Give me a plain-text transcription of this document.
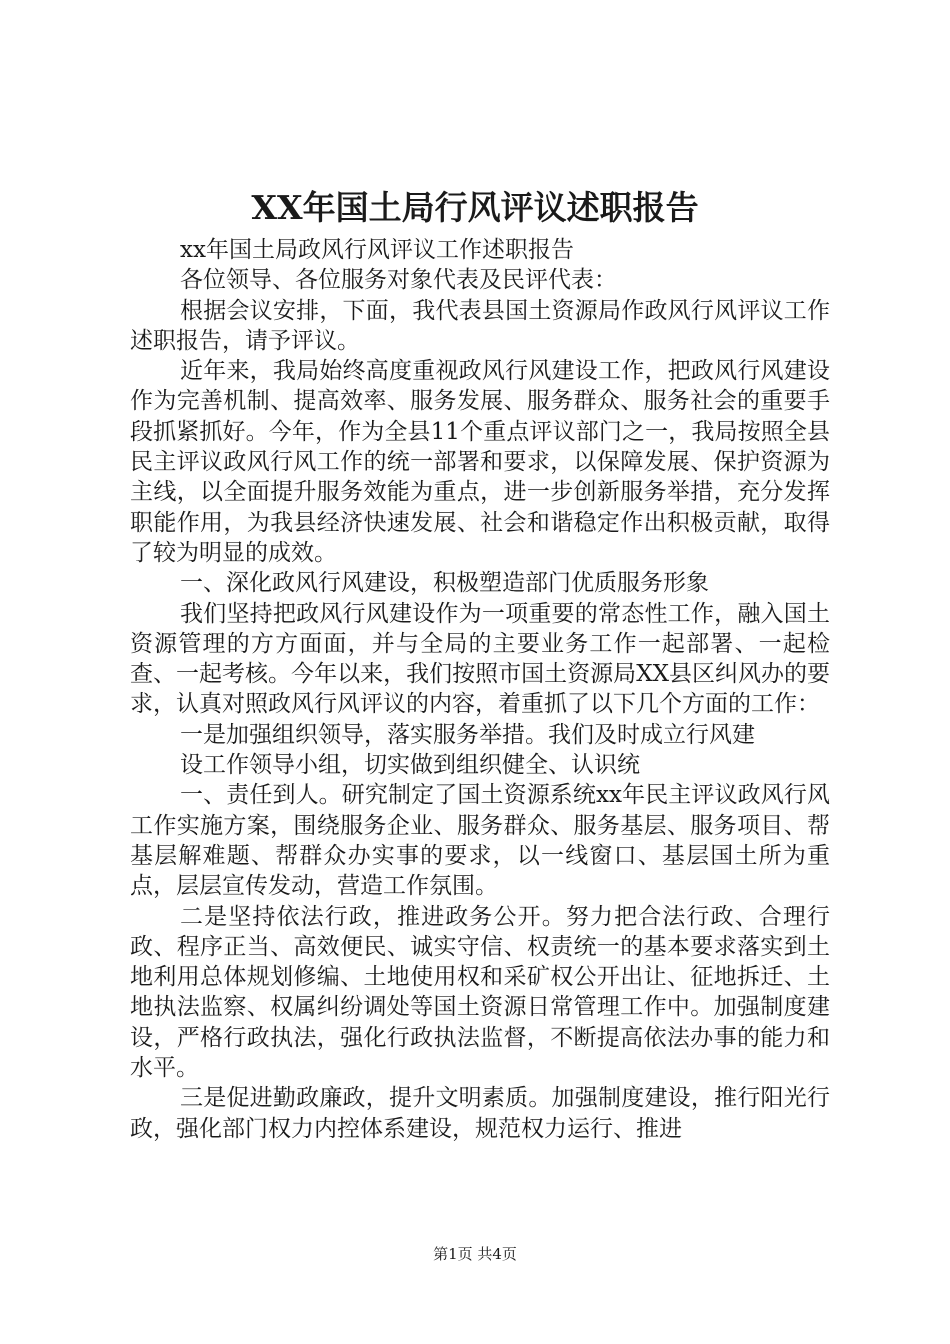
XX年国土局行风评议述职报告

xx年国土局政风行风评议工作述职报告

各位领导、各位服务对象代表及民评代表：

根据会议安排，下面，我代表县国土资源局作政风行风评议工作述职报告，请予评议。

近年来，我局始终高度重视政风行风建设工作，把政风行风建设作为完善机制、提高效率、服务发展、服务群众、服务社会的重要手段抓紧抓好。今年，作为全县11个重点评议部门之一，我局按照全县民主评议政风行风工作的统一部署和要求，以保障发展、保护资源为主线，以全面提升服务效能为重点，进一步创新服务举措，充分发挥职能作用，为我县经济快速发展、社会和谐稳定作出积极贡献，取得了较为明显的成效。

一、深化政风行风建设，积极塑造部门优质服务形象

我们坚持把政风行风建设作为一项重要的常态性工作，融入国土资源管理的方方面面，并与全局的主要业务工作一起部署、一起检查、一起考核。今年以来，我们按照市国土资源局XX县区纠风办的要求，认真对照政风行风评议的内容，着重抓了以下几个方面的工作：

一是加强组织领导，落实服务举措。我们及时成立行风建

设工作领导小组，切实做到组织健全、认识统

一、责任到人。研究制定了国土资源系统xx年民主评议政风行风工作实施方案，围绕服务企业、服务群众、服务基层、服务项目、帮基层解难题、帮群众办实事的要求，以一线窗口、基层国土所为重点，层层宣传发动，营造工作氛围。

二是坚持依法行政，推进政务公开。努力把合法行政、合理行政、程序正当、高效便民、诚实守信、权责统一的基本要求落实到土地利用总体规划修编、土地使用权和采矿权公开出让、征地拆迁、土地执法监察、权属纠纷调处等国土资源日常管理工作中。加强制度建设，严格行政执法，强化行政执法监督，不断提高依法办事的能力和水平。

三是促进勤政廉政，提升文明素质。加强制度建设，推行阳光行政，强化部门权力内控体系建设，规范权力运行、推进

第1页 共4页
